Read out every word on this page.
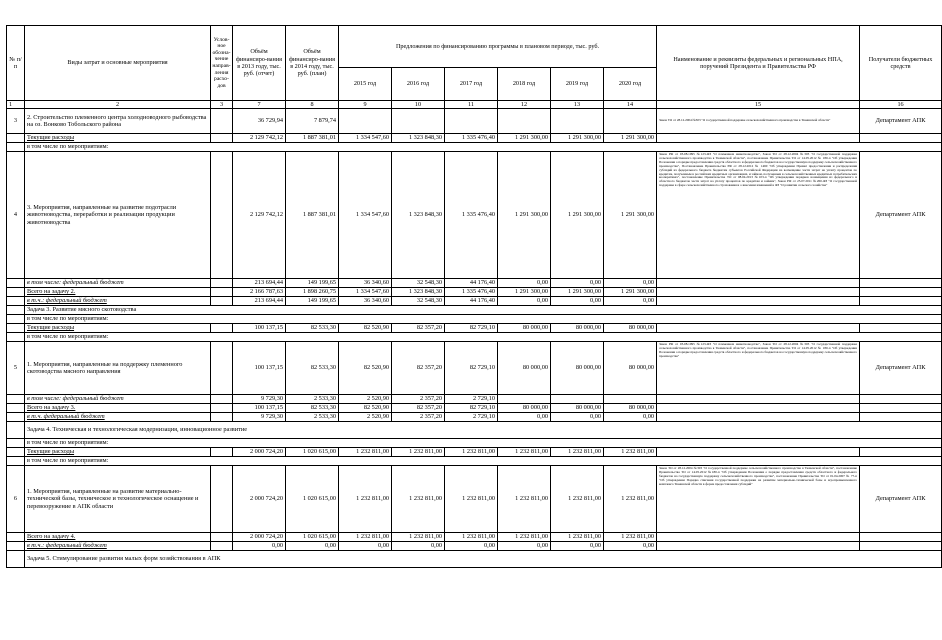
№ п/п	Виды затрат и основные мероприятия	Услов-ное обозна-чение направ-ления расхо-дов	Объём финансиро-вания в 2013 году, тыс. руб. (отчет)	Объём финансиро-вания в 2014 году, тыс. руб. (план)	Предложения по финансированию программы в плановом периоде, тыс. руб.						Наименование и реквизиты федеральных и региональных НПА, поручений Президента и Правительства РФ	Получатели бюджетных средств
					2015 год	2016 год	2017 год	2018 год	2019 год	2020 год		
1	2	3	7	8	9	10	11	12	13	14	15	16
3	2. Строительство племенного центра холодноводного рыбоводства на оз. Вонково Тобольского района		36 729,94	7 879,74							Закон ТО от 28.12.2004 №303 "О государственной поддержке сельскохозяйственного производства в Тюменской области"	Департамент АПК
	Текущие расходы		2 129 742,12	1 887 381,01	1 334 547,60	1 323 848,30	1 335 476,40	1 291 300,00	1 291 300,00	1 291 300,00		
	в том числе по мероприятиям:											
4	3. Мероприятия, направленные на развитие подотрасли животноводства, переработки и реализации продукции животноводства		2 129 742,12	1 887 381,01	1 334 547,60	1 323 848,30	1 335 476,40	1 291 300,00	1 291 300,00	1 291 300,00	Закон РФ от 03.08.1995 №123-ФЗ "О племенном животноводстве", Закон ТО от 28.12.2004 №303 "О государственной поддержке сельскохозяйственного производства в Тюменской области", постановление Правительства ТО от 14.05.2012 № 180-п "Об утверждении Положения о порядке предоставления средств областного и федерального бюджетов на государственную поддержку сельскохозяйственного производства", Постановление Правительства РФ от 28.12.2012 № 1460 "Об утверждении Правил предоставления и распределения субсидий из федерального бюджета бюджетам субъектов Российской Федерации на возмещение части затрат на уплату процентов по кредитам, полученным в российских кредитных организациях, и займам, полученным в сельскохозяйственных кредитных потребительских кооперативах", постановление Правительства ТО от 08.04.2013 №103-п "Об утверждении порядков возмещения из федерального и областного бюджетов части затрат на уплату процентов по кредитам и займам", Закон РФ от 25.07.2011 №260-ФЗ "О государственной поддержке в сфере сельскохозяйственного страхования и о внесении изменений в ФЗ "О развитии сельского хозяйства"	Департамент АПК
	в том числе: федеральный бюджет		213 694,44	149 199,65	36 340,60	32 548,30	44 176,40	0,00	0,00	0,00		
	Всего на задачу 2.		2 166 787,63	1 898 260,75	1 334 547,60	1 323 848,30	1 335 476,40	1 291 300,00	1 291 300,00	1 291 300,00		
	в т.ч.: федеральный бюджет		213 694,44	149 199,65	36 340,60	32 548,30	44 176,40	0,00	0,00	0,00		
	Задача 3. Развитие мясного скотоводства											
	в том числе по мероприятиям:											
	Текущие расходы		100 137,15	82 533,30	82 520,90	82 357,20	82 729,10	80 000,00	80 000,00	80 000,00		
	в том числе по мероприятиям:											
5	1. Мероприятия, направленные на поддержку племенного скотоводства мясного направления		100 137,15	82 533,30	82 520,90	82 357,20	82 729,10	80 000,00	80 000,00	80 000,00	Закон РФ от 03.08.1995 №123-ФЗ "О племенном животноводстве", Закон ТО от 28.12.2004 №303 "О государственной поддержке сельскохозяйственного производства в Тюменской области", постановление Правительства ТО от 14.05.2012 № 180-п "Об утверждении Положения о порядке предоставления средств областного и федерального бюджетов на государственную поддержку сельскохозяйственного производства"	Департамент АПК
	в том числе: федеральный бюджет		9 729,30	2 533,30	2 520,90	2 357,20	2 729,10					
	Всего на задачу 3.		100 137,15	82 533,30	82 520,90	82 357,20	82 729,10	80 000,00	80 000,00	80 000,00		
	в т.ч. федеральный бюджет		9 729,30	2 533,30	2 520,90	2 357,20	2 729,10	0,00	0,00	0,00		
	Задача 4. Техническая и технологическая модернизация, инновационное развитие											
	в том числе по мероприятиям:											
	Текущие расходы		2 000 724,20	1 020 615,00	1 232 811,00	1 232 811,00	1 232 811,00	1 232 811,00	1 232 811,00	1 232 811,00		
	в том числе по мероприятиям:											
6	1. Мероприятия, направленные на развитие материально-технической базы, техническое и технологическое оснащение и перевооружение в АПК области		2 000 724,20	1 020 615,00	1 232 811,00	1 232 811,00	1 232 811,00	1 232 811,00	1 232 811,00	1 232 811,00	Закон ТО от 28.12.2004 №303 "О государственной поддержке сельскохозяйственного производства в Тюменской области", постановление Правительства ТО от 14.05.2012 №180-п "Об утверждении Положения о порядке предоставления средств областного и федерального бюджетов на государственную поддержку сельскохозяйственного производства", постановление Правительства ТО от 01.04.2007 № 77-п "Об утверждении Порядка списания государственной поддержки на развитие материально-технической базы и агропромышленного комплекса Тюменской области в форме предоставления субсидий"	Департамент АПК
	Всего на задачу 4.		2 000 724,20	1 020 615,00	1 232 811,00	1 232 811,00	1 232 811,00	1 232 811,00	1 232 811,00	1 232 811,00		
	в т.ч.: федеральный бюджет		0,00	0,00	0,00	0,00	0,00	0,00	0,00	0,00		
	Задача 5. Стимулирование развития малых форм хозяйствования в АПК											
